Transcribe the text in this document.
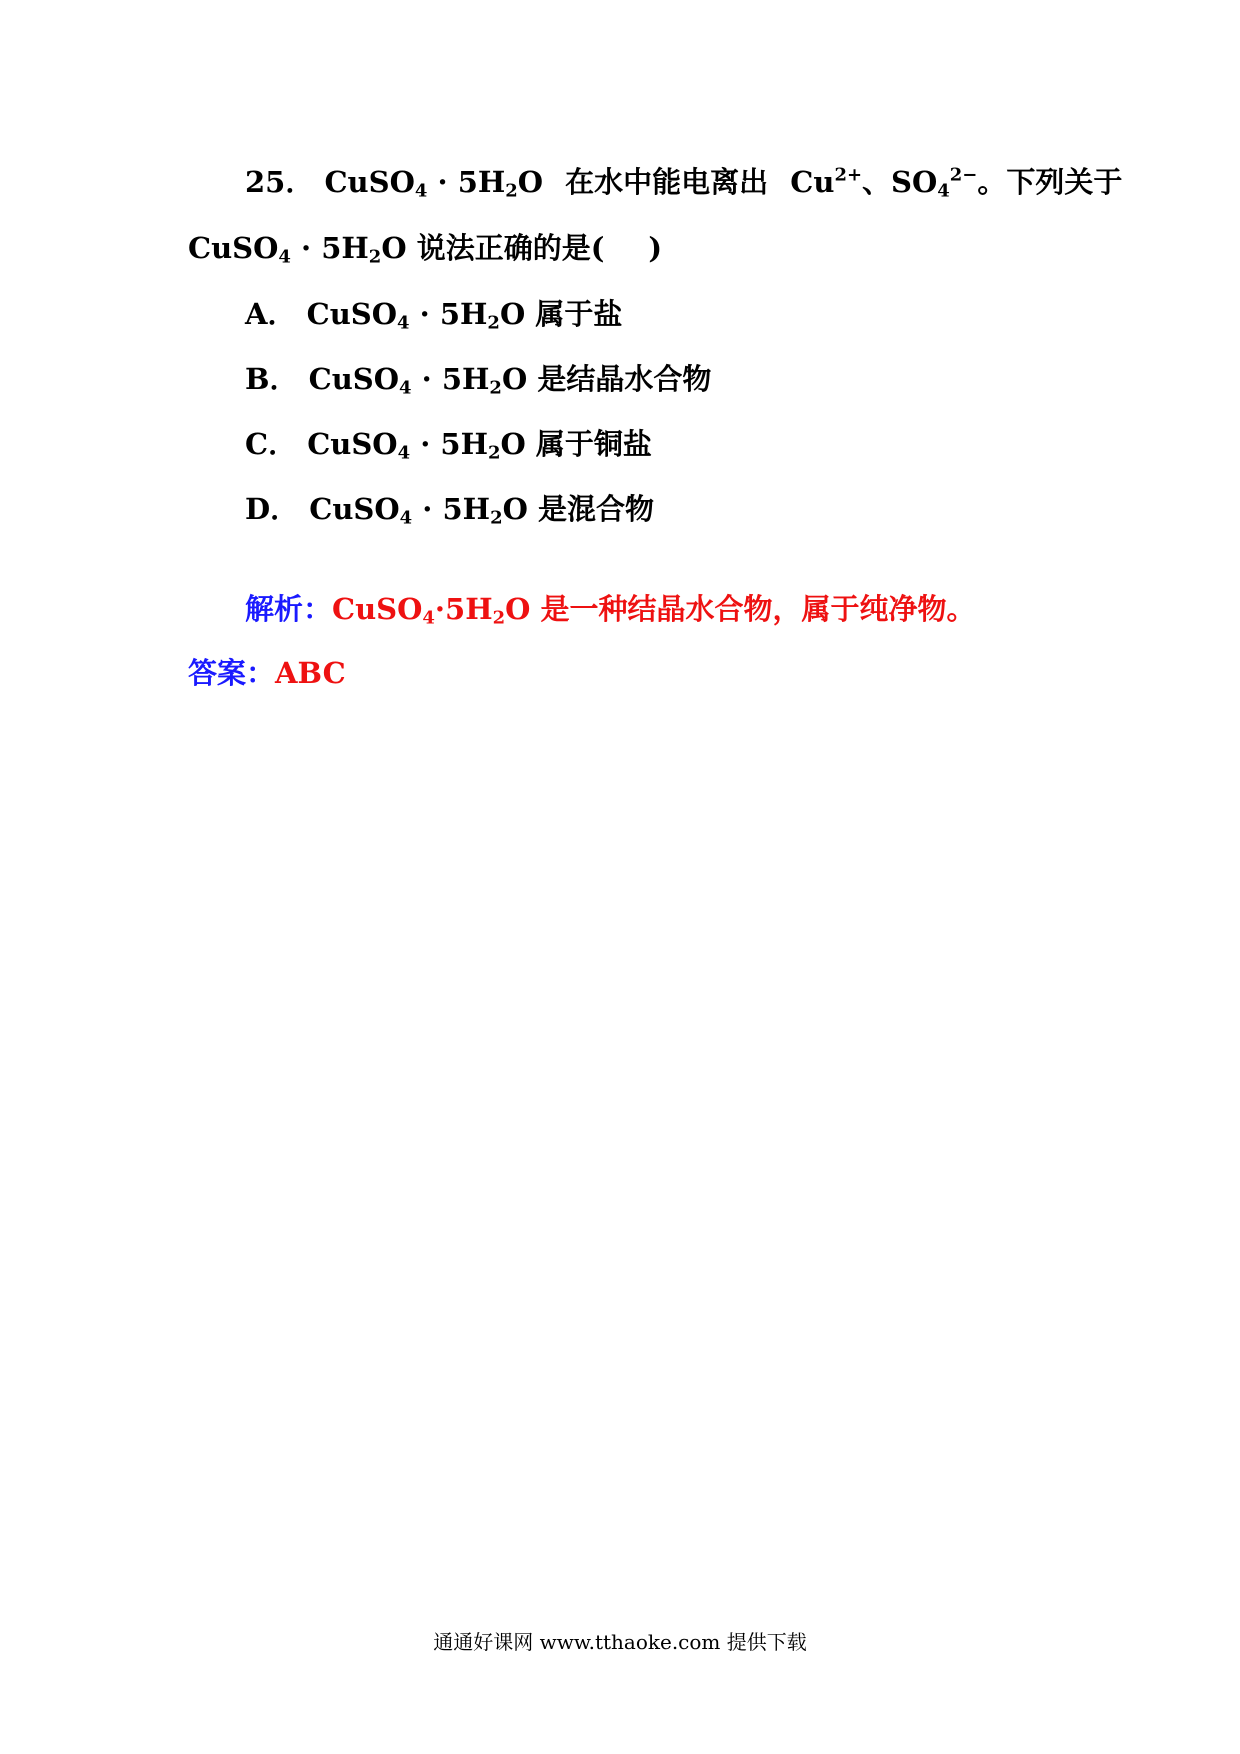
25． CuSO$_4$ · $5H_2O$ 在水中能电离出 $Cu^{2+}$、$SO_4^{2-}$。下列关于
CuSO$_4$ · $5H_2O$ 说法正确的是(　 )
A． CuSO$_4$ · $5H_2O$ 属于盐
B． CuSO$_4$ · $5H_2O$ 是结晶水合物
C． CuSO$_4$ · $5H_2O$ 属于铜盐
D． CuSO$_4$ · $5H_2O$ 是混合物
解析：$CuSO_4\cdot 5H_2O$ 是一种结晶水合物，属于纯净物。
答案：ABC
通通好课网 www.tthaoke.com 提供下载
